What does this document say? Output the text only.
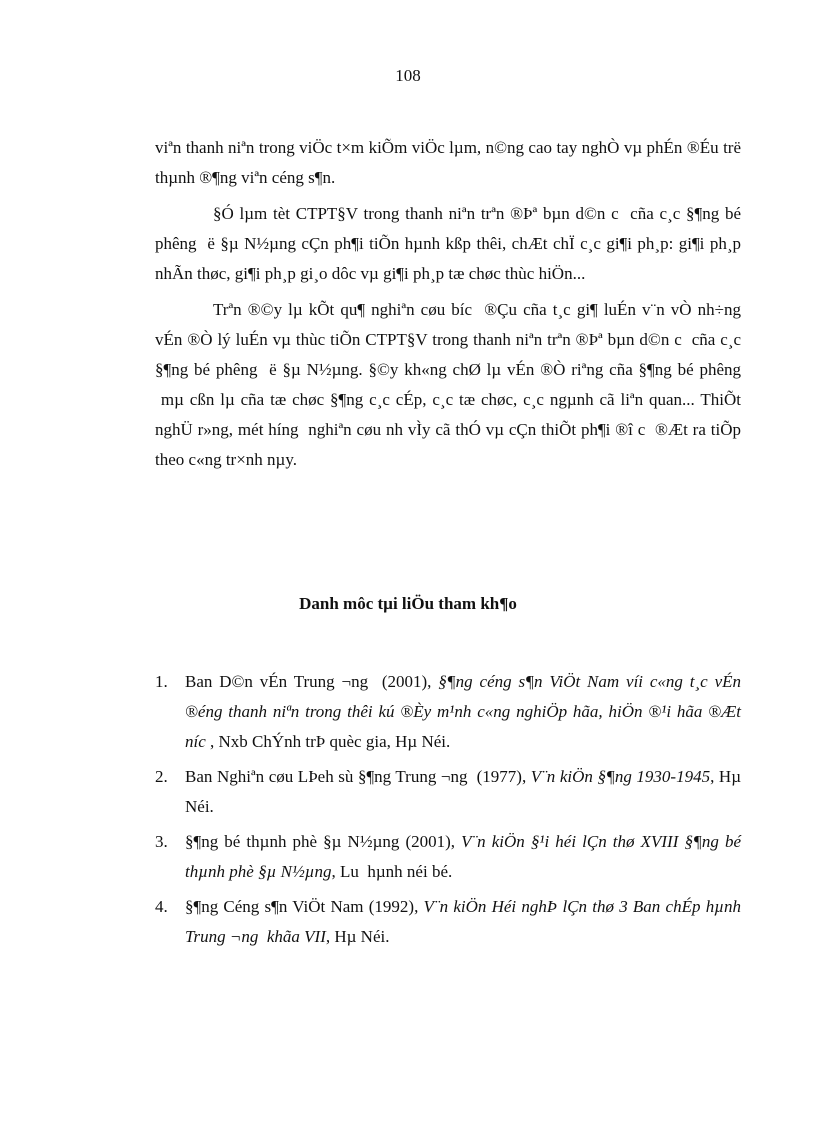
108

viªn thanh niªn trong viÖc t×m kiÕm viÖc lµm, n©ng cao tay nghÒ vµ phÉn ®Éu trë thµnh ®¶ng viªn céng s¶n.

§Ó lµm tèt CTPT§V trong thanh niªn trªn ®Þª bµn d©n c  cña c¸c §¶ng bé phêng  ë §µ N½µng cÇn ph¶i tiÕn hµnh kßp thêi, chÆt chÏ c¸c gi¶i ph¸p: gi¶i ph¸p nhÃn thøc, gi¶i ph¸p gi¸o dôc vµ gi¶i ph¸p tæ chøc thùc hiÖn...

Trªn ®©y lµ kÕt qu¶ nghiªn cøu bíc  ®Çu cña t¸c gi¶ luÉn v¨n vÒ nh÷ng vÉn ®Ò lý luÉn vµ thùc tiÕn CTPT§V trong thanh niªn trªn ®Þª bµn d©n c  cña c¸c §¶ng bé phêng  ë §µ N½µng. §©y kh«ng chØ lµ vÉn ®Ò riªng cña §¶ng bé phêng  mµ cßn lµ cña tæ chøc §¶ng c¸c cÉp, c¸c tæ chøc, c¸c ngµnh cã liªn quan... ThiÕt nghÜ r»ng, mét híng  nghiªn cøu nh vÌy cã thÓ vµ cÇn thiÕt ph¶i ®î c  ®Æt ra tiÕp theo c«ng tr×nh nµy.

Danh môc tµi liÖu tham kh¶o
1. Ban D©n vÉn Trung ¬ng  (2001), §¶ng céng s¶n ViÖt Nam víi c«ng t¸c vÉn ®éng thanh niªn trong thêi kú ®Èy m¹nh c«ng nghiÖp hãa, hiÖn ®¹i hãa ®Æt níc , Nxb ChÝnh trÞ quèc gia, Hµ Néi.
2. Ban Nghiªn cøu LÞeh sù §¶ng Trung ¬ng  (1977), V¨n kiÖn §¶ng 1930-1945, Hµ Néi.
3. §¶ng bé thµnh phè §µ N½µng (2001), V¨n kiÖn §¹i héi lÇn thø XVIII §¶ng bé thµnh phè §µ N½µng, Lu  hµnh néi bé.
4. §¶ng Céng s¶n ViÖt Nam (1992), V¨n kiÖn Héi nghÞ lÇn thø 3 Ban chÉp hµnh Trung ¬ng  khãa VII, Hµ Néi.
